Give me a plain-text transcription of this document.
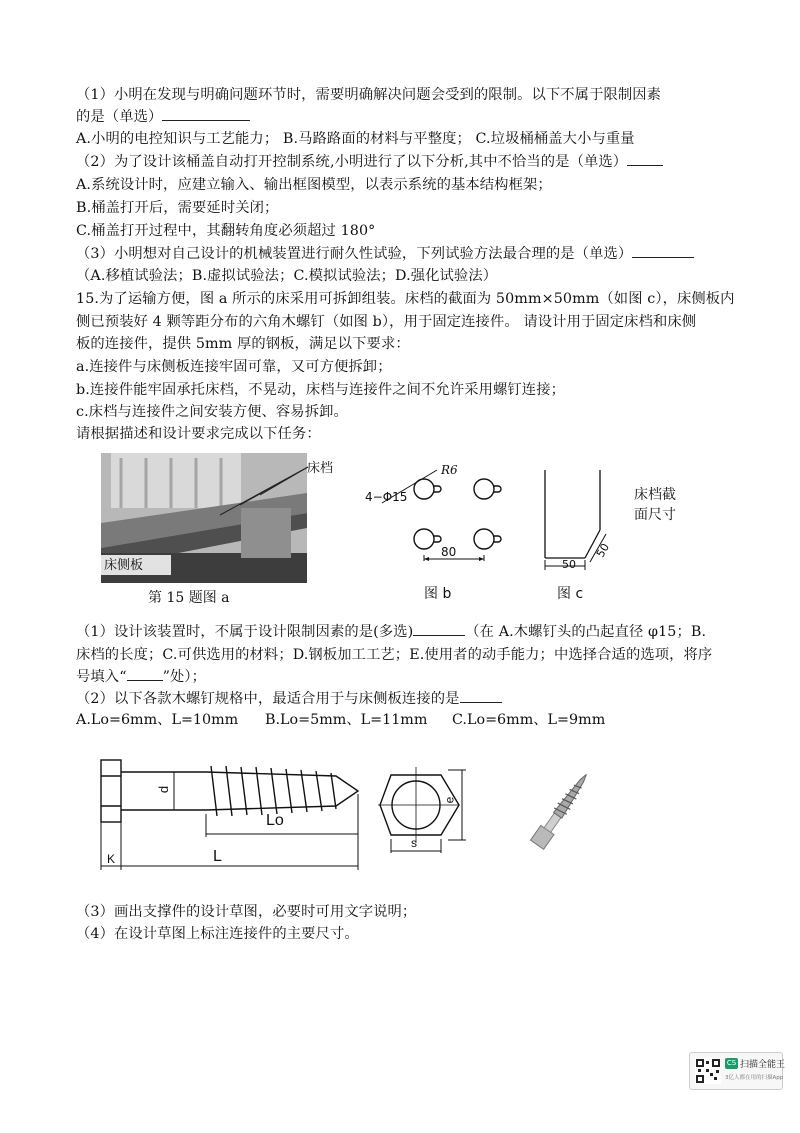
（1）小明在发现与明确问题环节时，需要明确解决问题会受到的限制。以下不属于限制因素
的是（单选）
A.小明的电控知识与工艺能力； B.马路路面的材料与平整度； C.垃圾桶桶盖大小与重量
（2）为了设计该桶盖自动打开控制系统,小明进行了以下分析,其中不恰当的是（单选）
A.系统设计时，应建立输入、输出框图模型，以表示系统的基本结构框架；
B.桶盖打开后，需要延时关闭；
C.桶盖打开过程中，其翻转角度必须超过 180°
（3）小明想对自己设计的机械装置进行耐久性试验，下列试验方法最合理的是（单选）
（A.移植试验法；B.虚拟试验法；C.模拟试验法；D.强化试验法）
15.为了运输方便，图 a 所示的床采用可拆卸组装。床档的截面为 50mm×50mm（如图 c），床侧板内
侧已预装好 4 颗等距分布的六角木螺钉（如图 b），用于固定连接件。 请设计用于固定床档和床侧
板的连接件，提供 5mm 厚的钢板，满足以下要求：
a.连接件与床侧板连接牢固可靠，又可方便拆卸；
b.连接件能牢固承托床档，不晃动，床档与连接件之间不允许采用螺钉连接；
c.床档与连接件之间安装方便、容易拆卸。
请根据描述和设计要求完成以下任务：
床侧板
床档
第 15 题图 a
R6
4−Φ15
80
图 b
50
50
床档截
面尺寸
图 c
（1）设计该装置时，不属于设计限制因素的是(多选)	（在 A.木螺钉头的凸起直径 φ15；B.
床档的长度；C.可供选用的材料；D.钢板加工工艺；E.使用者的动手能力；中选择合适的选项，将序
号填入“	”处）；
（2）以下各款木螺钉规格中，最适合用于与床侧板连接的是
A.Lo=6mm、L=10mm B.Lo=5mm、L=11mm C.Lo=6mm、L=9mm
d
Lo
L
K
s
e
（3）画出支撑件的设计草图，必要时可用文字说明；
（4）在设计草图上标注连接件的主要尺寸。
CS 扫描全能王
3亿人都在用的扫描App
